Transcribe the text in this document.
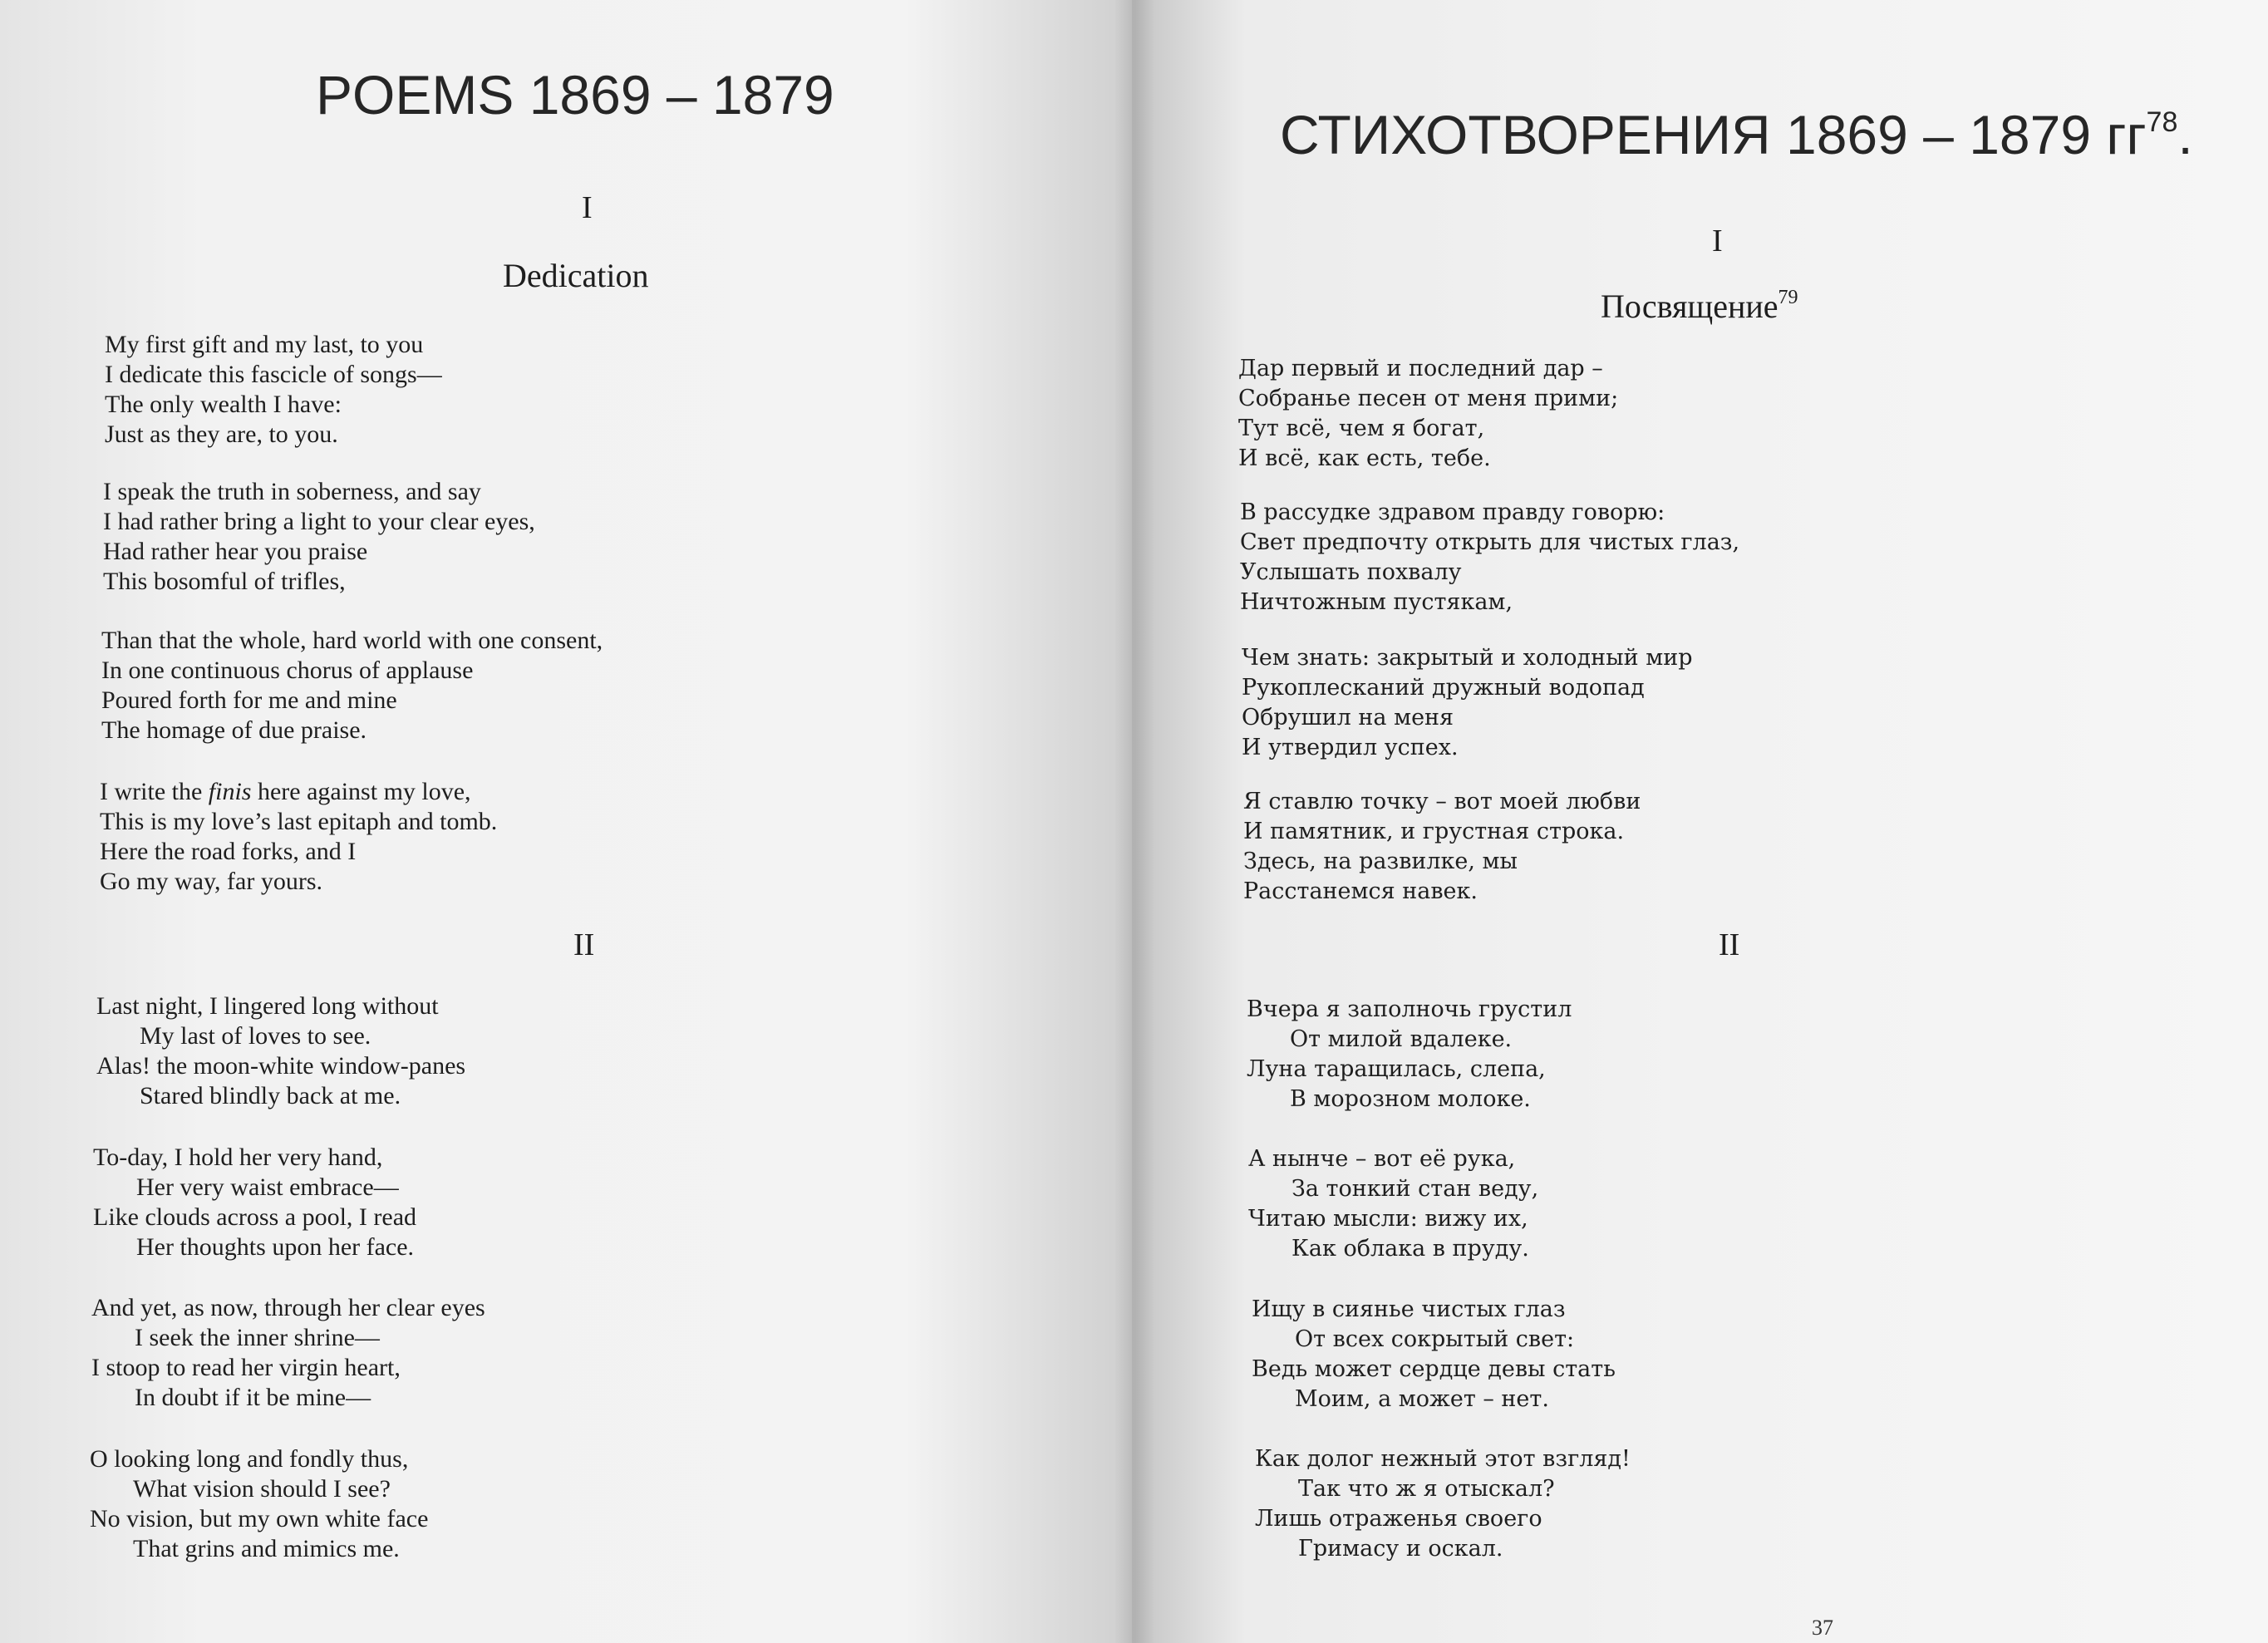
POEMS 1869 – 1879
I
Dedication
My first gift and my last, to you
I dedicate this fascicle of songs—
The only wealth I have:
Just as they are, to you.
I speak the truth in soberness, and say
I had rather bring a light to your clear eyes,
Had rather hear you praise
This bosomful of trifles,
Than that the whole, hard world with one consent,
In one continuous chorus of applause
Poured forth for me and mine
The homage of due praise.
I write the finis here against my love,
This is my love’s last epitaph and tomb.
Here the road forks, and I
Go my way, far yours.
II
Last night, I lingered long without
My last of loves to see.
Alas! the moon-white window-panes
Stared blindly back at me.
To-day, I hold her very hand,
Her very waist embrace—
Like clouds across a pool, I read
Her thoughts upon her face.
And yet, as now, through her clear eyes
I seek the inner shrine—
I stoop to read her virgin heart,
In doubt if it be mine—
O looking long and fondly thus,
What vision should I see?
No vision, but my own white face
That grins and mimics me.
СТИХОТВОРЕНИЯ 1869 – 1879 $гг^{78}$.
I
Посвящение$^{79}$
Дар первый и последний дар –
Собранье песен от меня прими;
Тут всё, чем я богат,
И всё, как есть, тебе.
В рассудке здравом правду говорю:
Свет предпочту открыть для чистых глаз,
Услышать похвалу
Ничтожным пустякам,
Чем знать: закрытый и холодный мир
Рукоплесканий дружный водопад
Обрушил на меня
И утвердил успех.
Я ставлю точку – вот моей любви
И памятник, и грустная строка.
Здесь, на развилке, мы
Расстанемся навек.
II
Вчера я заполночь грустил
От милой вдалеке.
Луна таращилась, слепа,
В морозном молоке.
А нынче – вот её рука,
За тонкий стан веду,
Читаю мысли: вижу их,
Как облака в пруду.
Ищу в сиянье чистых глаз
От всех сокрытый свет:
Ведь может сердце девы стать
Моим, а может – нет.
Как долог нежный этот взгляд!
Так что ж я отыскал?
Лишь отраженья своего
Гримасу и оскал.
37
